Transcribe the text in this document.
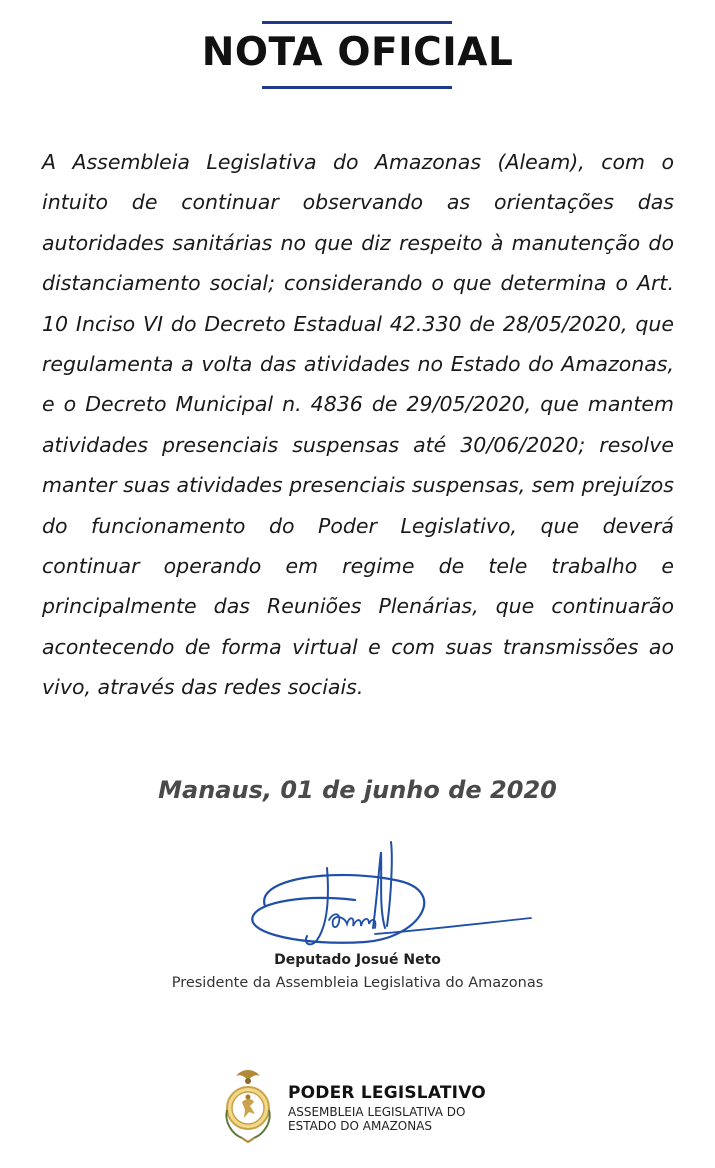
NOTA OFICIAL

A Assembleia Legislativa do Amazonas (Aleam), com o intuito de continuar observando as orientações das autoridades sanitárias no que diz respeito à manutenção do distanciamento social; considerando o que determina o Art. 10 Inciso VI do Decreto Estadual 42.330 de 28/05/2020, que regulamenta a volta das atividades no Estado do Amazonas, e o Decreto Municipal n. 4836 de 29/05/2020, que mantem atividades presenciais suspensas até 30/06/2020; resolve manter suas atividades presenciais suspensas, sem prejuízos do funcionamento do Poder Legislativo, que deverá continuar operando em regime de tele trabalho e principalmente das Reuniões Plenárias, que continuarão acontecendo de forma virtual e com suas transmissões ao vivo, através das redes sociais.

Manaus, 01 de junho de 2020

Deputado Josué Neto

Presidente da Assembleia Legislativa do Amazonas

PODER LEGISLATIVO

ASSEMBLEIA LEGISLATIVA DO

ESTADO DO AMAZONAS
